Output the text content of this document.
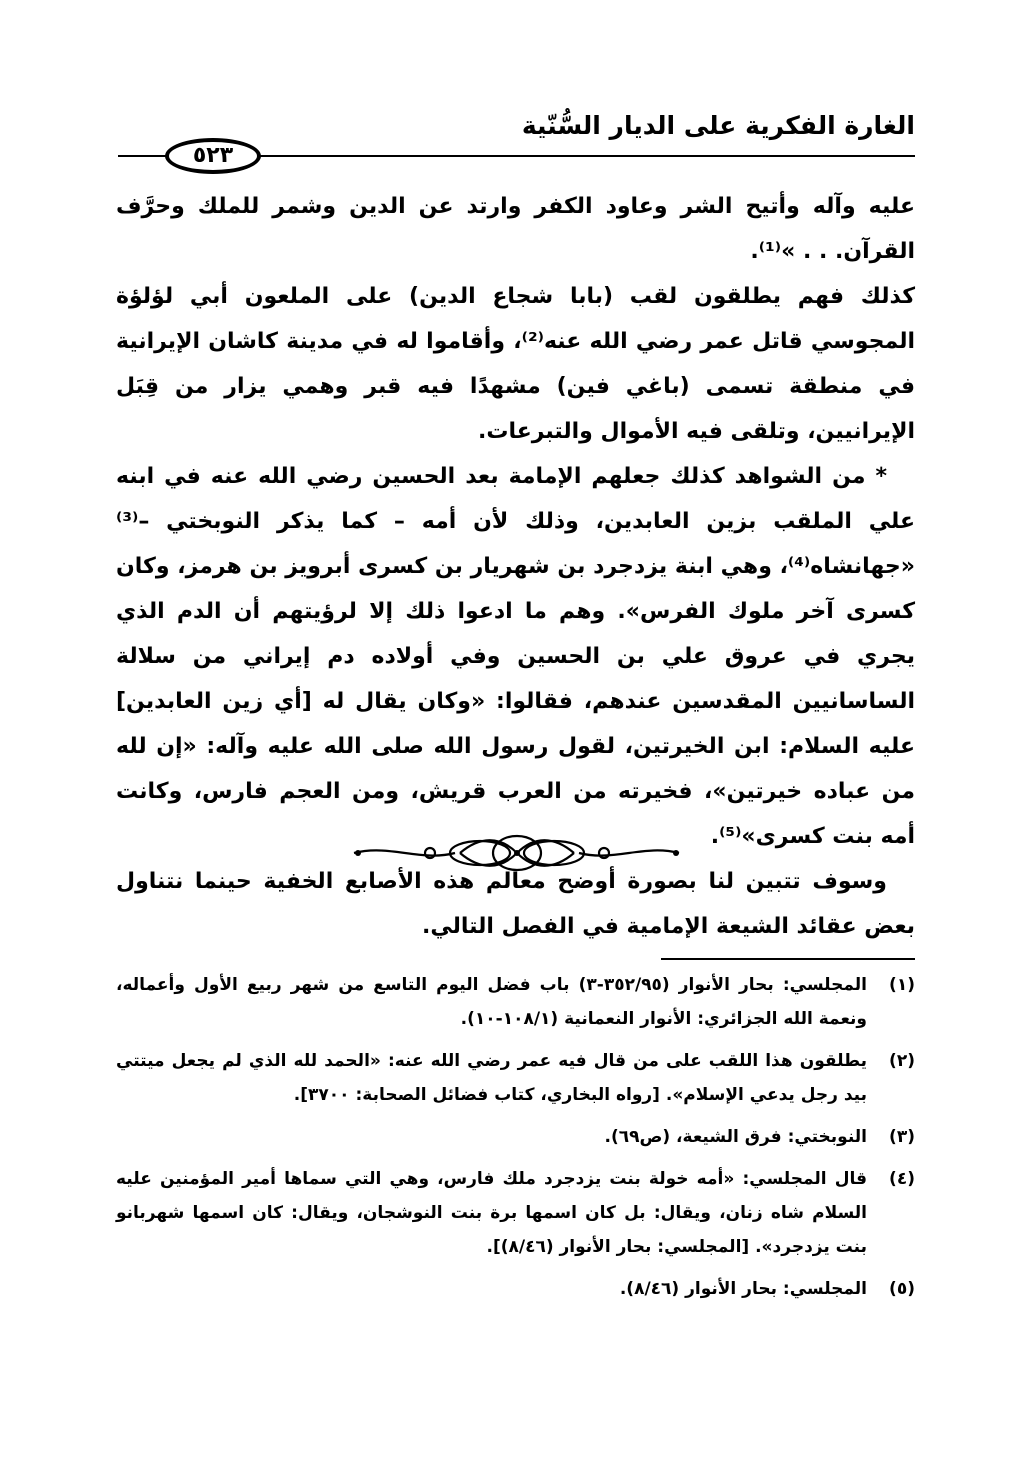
الغارة الفكرية على الديار السُّنّية
٥٢٣

عليه وآله وأتيح الشر وعاود الكفر وارتد عن الدين وشمر للملك وحرَّف القرآن. . . »⁽¹⁾.

كذلك فهم يطلقون لقب (بابا شجاع الدين) على الملعون أبي لؤلؤة المجوسي قاتل عمر رضي الله عنه⁽²⁾، وأقاموا له في مدينة كاشان الإيرانية في منطقة تسمى (باغي فين) مشهدًا فيه قبر وهمي يزار من قِبَل الإيرانيين، وتلقى فيه الأموال والتبرعات.

* من الشواهد كذلك جعلهم الإمامة بعد الحسين رضي الله عنه في ابنه علي الملقب بزين العابدين، وذلك لأن أمه – كما يذكر النوبختي –⁽³⁾ «جهانشاه⁽⁴⁾، وهي ابنة يزدجرد بن شهريار بن كسرى أبرويز بن هرمز، وكان كسرى آخر ملوك الفرس». وهم ما ادعوا ذلك إلا لرؤيتهم أن الدم الذي يجري في عروق علي بن الحسين وفي أولاده دم إيراني من سلالة الساسانيين المقدسين عندهم، فقالوا: «وكان يقال له [أي زين العابدين] عليه السلام: ابن الخيرتين، لقول رسول الله صلى الله عليه وآله: «إن لله من عباده خيرتين»، فخيرته من العرب قريش، ومن العجم فارس، وكانت أمه بنت كسرى»⁽⁵⁾.

وسوف تتبين لنا بصورة أوضح معالم هذه الأصابع الخفية حينما نتناول بعض عقائد الشيعة الإمامية في الفصل التالي.

(١)
المجلسي: بحار الأنوار (٣٥٢/٩٥-٣) باب فضل اليوم التاسع من شهر ربيع الأول وأعماله، ونعمة الله الجزائري: الأنوار النعمانية (١٠٨/١-١٠).
(٢)
يطلقون هذا اللقب على من قال فيه عمر رضي الله عنه: «الحمد لله الذي لم يجعل ميتتي بيد رجل يدعي الإسلام». [رواه البخاري، كتاب فضائل الصحابة: ٣٧٠٠].
(٣)
النوبختي: فرق الشيعة، (ص٦٩).
(٤)
قال المجلسي: «أمه خولة بنت يزدجرد ملك فارس، وهي التي سماها أمير المؤمنين عليه السلام شاه زنان، ويقال: بل كان اسمها برة بنت النوشجان، ويقال: كان اسمها شهربانو بنت يزدجرد». [المجلسي: بحار الأنوار (٨/٤٦)].
(٥)
المجلسي: بحار الأنوار (٨/٤٦).
